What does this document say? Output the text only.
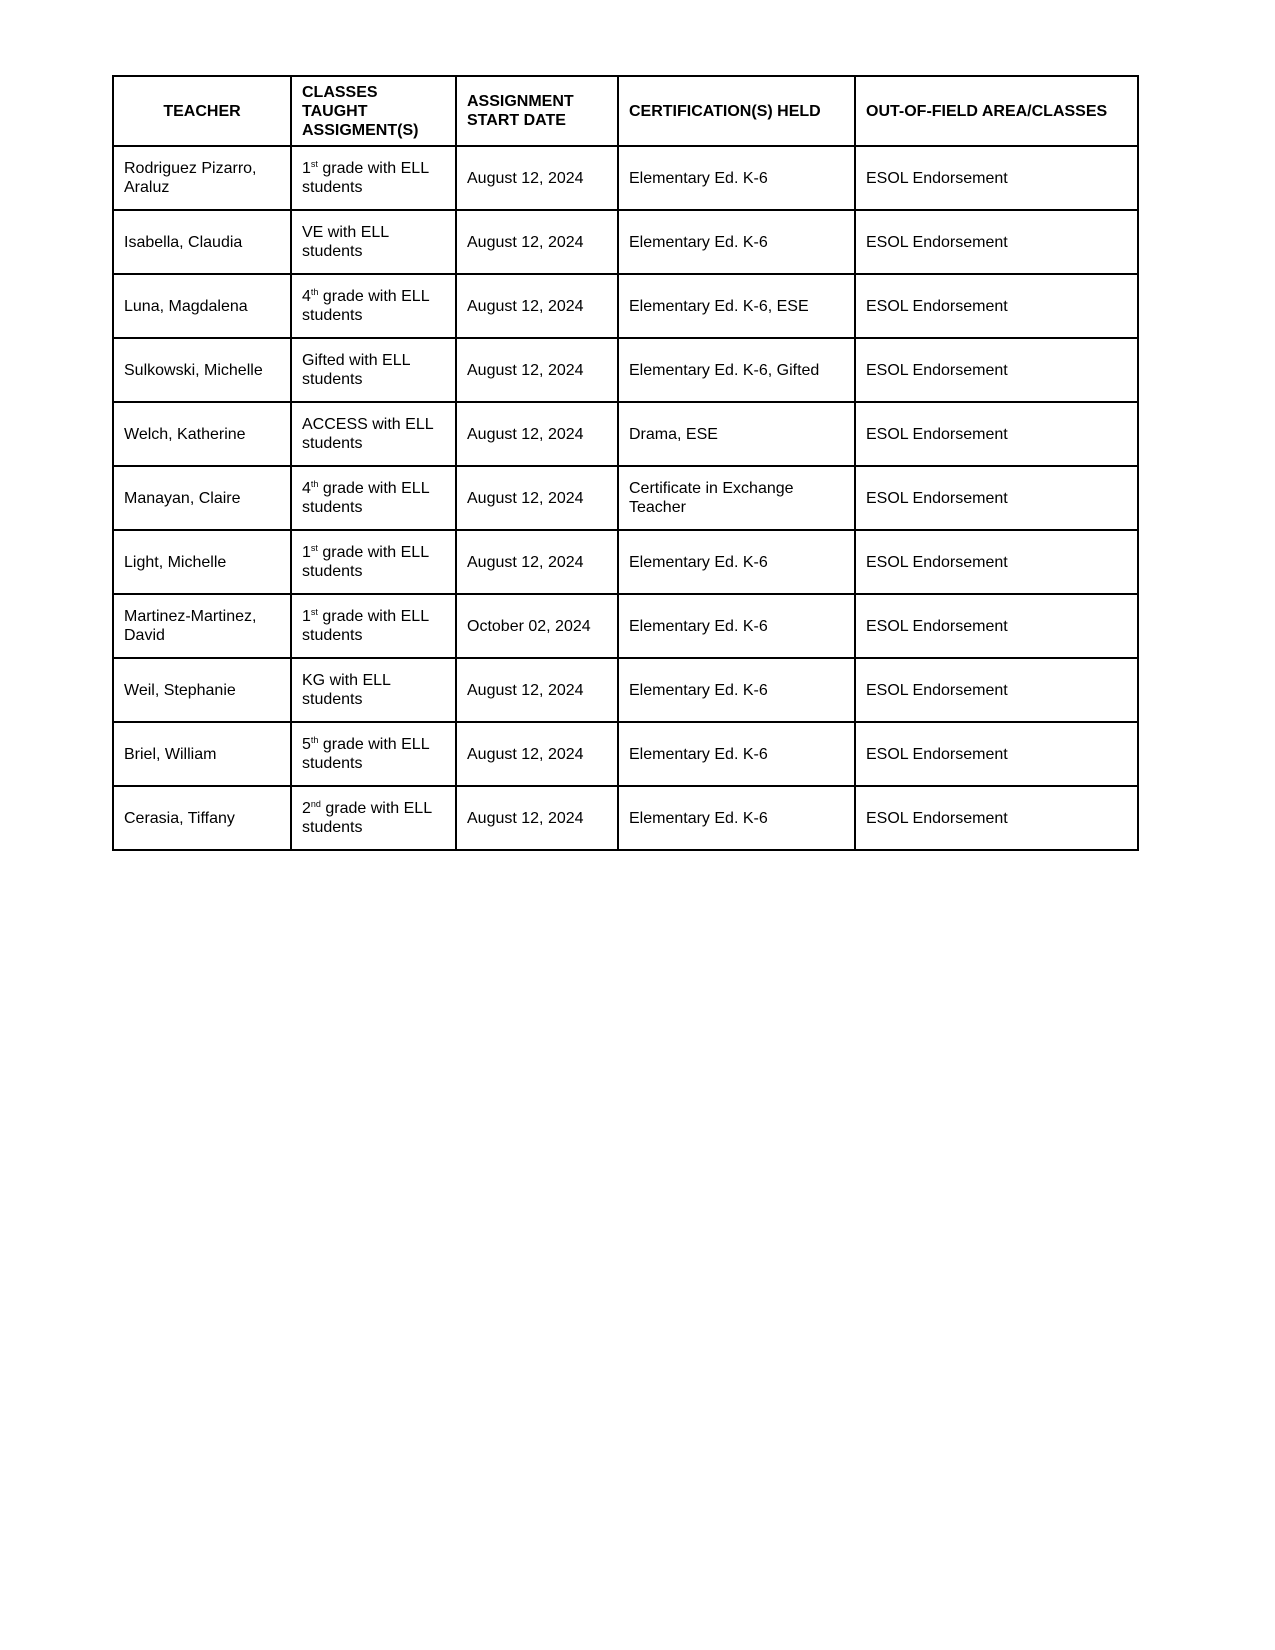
TEACHER	CLASSES TAUGHT ASSIGMENT(S)	ASSIGNMENT START DATE	CERTIFICATION(S) HELD	OUT-OF-FIELD AREA/CLASSES
Rodriguez Pizarro, Araluz	1st grade with ELL students	August 12, 2024	Elementary Ed. K-6	ESOL Endorsement
Isabella, Claudia	VE with ELL students	August 12, 2024	Elementary Ed. K-6	ESOL Endorsement
Luna, Magdalena	4th grade with ELL students	August 12, 2024	Elementary Ed. K-6, ESE	ESOL Endorsement
Sulkowski, Michelle	Gifted with ELL students	August 12, 2024	Elementary Ed. K-6, Gifted	ESOL Endorsement
Welch, Katherine	ACCESS with ELL students	August 12, 2024	Drama, ESE	ESOL Endorsement
Manayan, Claire	4th grade with ELL students	August 12, 2024	Certificate in Exchange Teacher	ESOL Endorsement
Light, Michelle	1st grade with ELL students	August 12, 2024	Elementary Ed. K-6	ESOL Endorsement
Martinez-Martinez, David	1st grade with ELL students	October 02, 2024	Elementary Ed. K-6	ESOL Endorsement
Weil, Stephanie	KG with ELL students	August 12, 2024	Elementary Ed. K-6	ESOL Endorsement
Briel, William	5th grade with ELL students	August 12, 2024	Elementary Ed. K-6	ESOL Endorsement
Cerasia, Tiffany	2nd grade with ELL students	August 12, 2024	Elementary Ed. K-6	ESOL Endorsement
